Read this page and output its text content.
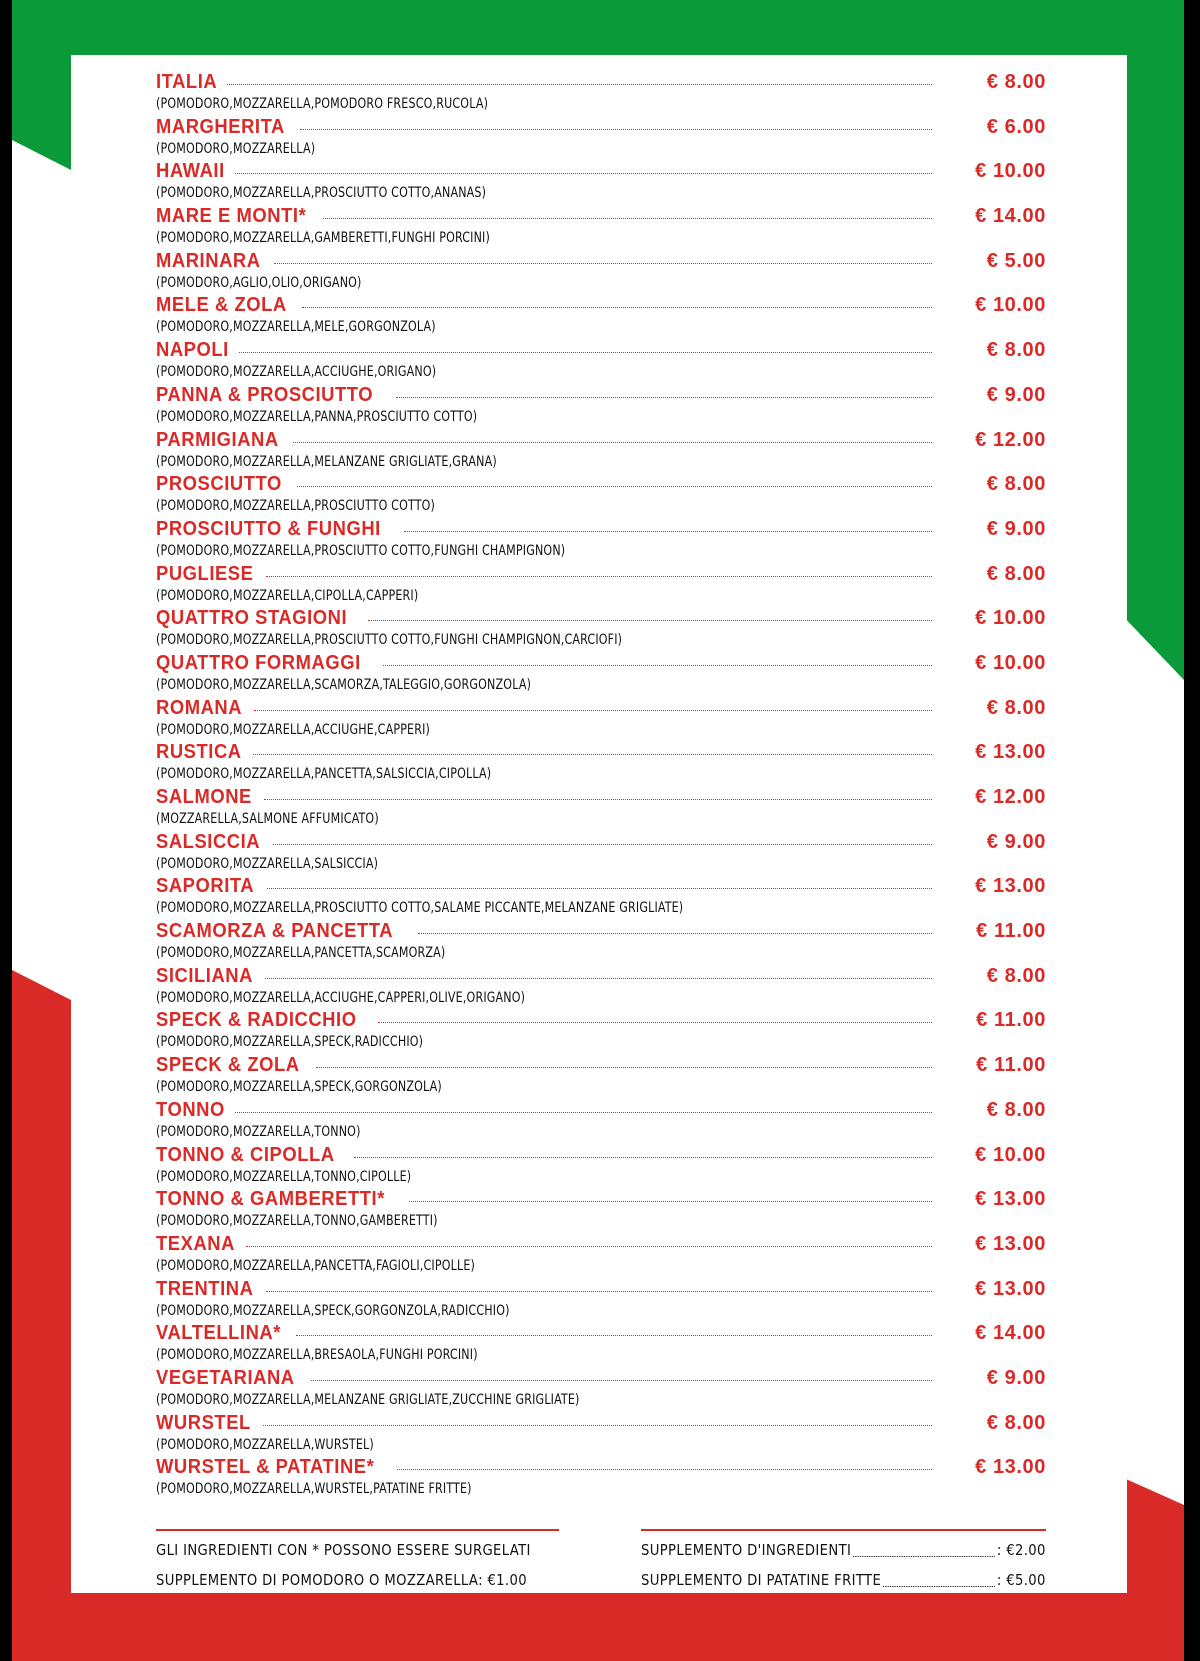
ITALIA	€ 8.00
(POMODORO,MOZZARELLA,POMODORO FRESCO,RUCOLA)
MARGHERITA	€ 6.00
(POMODORO,MOZZARELLA)
HAWAII	€ 10.00
(POMODORO,MOZZARELLA,PROSCIUTTO COTTO,ANANAS)
MARE E MONTI*	€ 14.00
(POMODORO,MOZZARELLA,GAMBERETTI,FUNGHI PORCINI)
MARINARA	€ 5.00
(POMODORO,AGLIO,OLIO,ORIGANO)
MELE & ZOLA	€ 10.00
(POMODORO,MOZZARELLA,MELE,GORGONZOLA)
NAPOLI	€ 8.00
(POMODORO,MOZZARELLA,ACCIUGHE,ORIGANO)
PANNA & PROSCIUTTO	€ 9.00
(POMODORO,MOZZARELLA,PANNA,PROSCIUTTO COTTO)
PARMIGIANA	€ 12.00
(POMODORO,MOZZARELLA,MELANZANE GRIGLIATE,GRANA)
PROSCIUTTO	€ 8.00
(POMODORO,MOZZARELLA,PROSCIUTTO COTTO)
PROSCIUTTO & FUNGHI	€ 9.00
(POMODORO,MOZZARELLA,PROSCIUTTO COTTO,FUNGHI CHAMPIGNON)
PUGLIESE	€ 8.00
(POMODORO,MOZZARELLA,CIPOLLA,CAPPERI)
QUATTRO STAGIONI	€ 10.00
(POMODORO,MOZZARELLA,PROSCIUTTO COTTO,FUNGHI CHAMPIGNON,CARCIOFI)
QUATTRO FORMAGGI	€ 10.00
(POMODORO,MOZZARELLA,SCAMORZA,TALEGGIO,GORGONZOLA)
ROMANA	€ 8.00
(POMODORO,MOZZARELLA,ACCIUGHE,CAPPERI)
RUSTICA	€ 13.00
(POMODORO,MOZZARELLA,PANCETTA,SALSICCIA,CIPOLLA)
SALMONE	€ 12.00
(MOZZARELLA,SALMONE AFFUMICATO)
SALSICCIA	€ 9.00
(POMODORO,MOZZARELLA,SALSICCIA)
SAPORITA	€ 13.00
(POMODORO,MOZZARELLA,PROSCIUTTO COTTO,SALAME PICCANTE,MELANZANE GRIGLIATE)
SCAMORZA & PANCETTA	€ 11.00
(POMODORO,MOZZARELLA,PANCETTA,SCAMORZA)
SICILIANA	€ 8.00
(POMODORO,MOZZARELLA,ACCIUGHE,CAPPERI,OLIVE,ORIGANO)
SPECK & RADICCHIO	€ 11.00
(POMODORO,MOZZARELLA,SPECK,RADICCHIO)
SPECK & ZOLA	€ 11.00
(POMODORO,MOZZARELLA,SPECK,GORGONZOLA)
TONNO	€ 8.00
(POMODORO,MOZZARELLA,TONNO)
TONNO & CIPOLLA	€ 10.00
(POMODORO,MOZZARELLA,TONNO,CIPOLLE)
TONNO & GAMBERETTI*	€ 13.00
(POMODORO,MOZZARELLA,TONNO,GAMBERETTI)
TEXANA	€ 13.00
(POMODORO,MOZZARELLA,PANCETTA,FAGIOLI,CIPOLLE)
TRENTINA	€ 13.00
(POMODORO,MOZZARELLA,SPECK,GORGONZOLA,RADICCHIO)
VALTELLINA*	€ 14.00
(POMODORO,MOZZARELLA,BRESAOLA,FUNGHI PORCINI)
VEGETARIANA	€ 9.00
(POMODORO,MOZZARELLA,MELANZANE GRIGLIATE,ZUCCHINE GRIGLIATE)
WURSTEL	€ 8.00
(POMODORO,MOZZARELLA,WURSTEL)
WURSTEL & PATATINE*	€ 13.00
(POMODORO,MOZZARELLA,WURSTEL,PATATINE FRITTE)
GLI INGREDIENTI CON * POSSONO ESSERE SURGELATI
SUPPLEMENTO DI POMODORO O MOZZARELLA: €1.00
SUPPLEMENTO D'INGREDIENTI	: €2.00
SUPPLEMENTO DI PATATINE FRITTE	: €5.00
